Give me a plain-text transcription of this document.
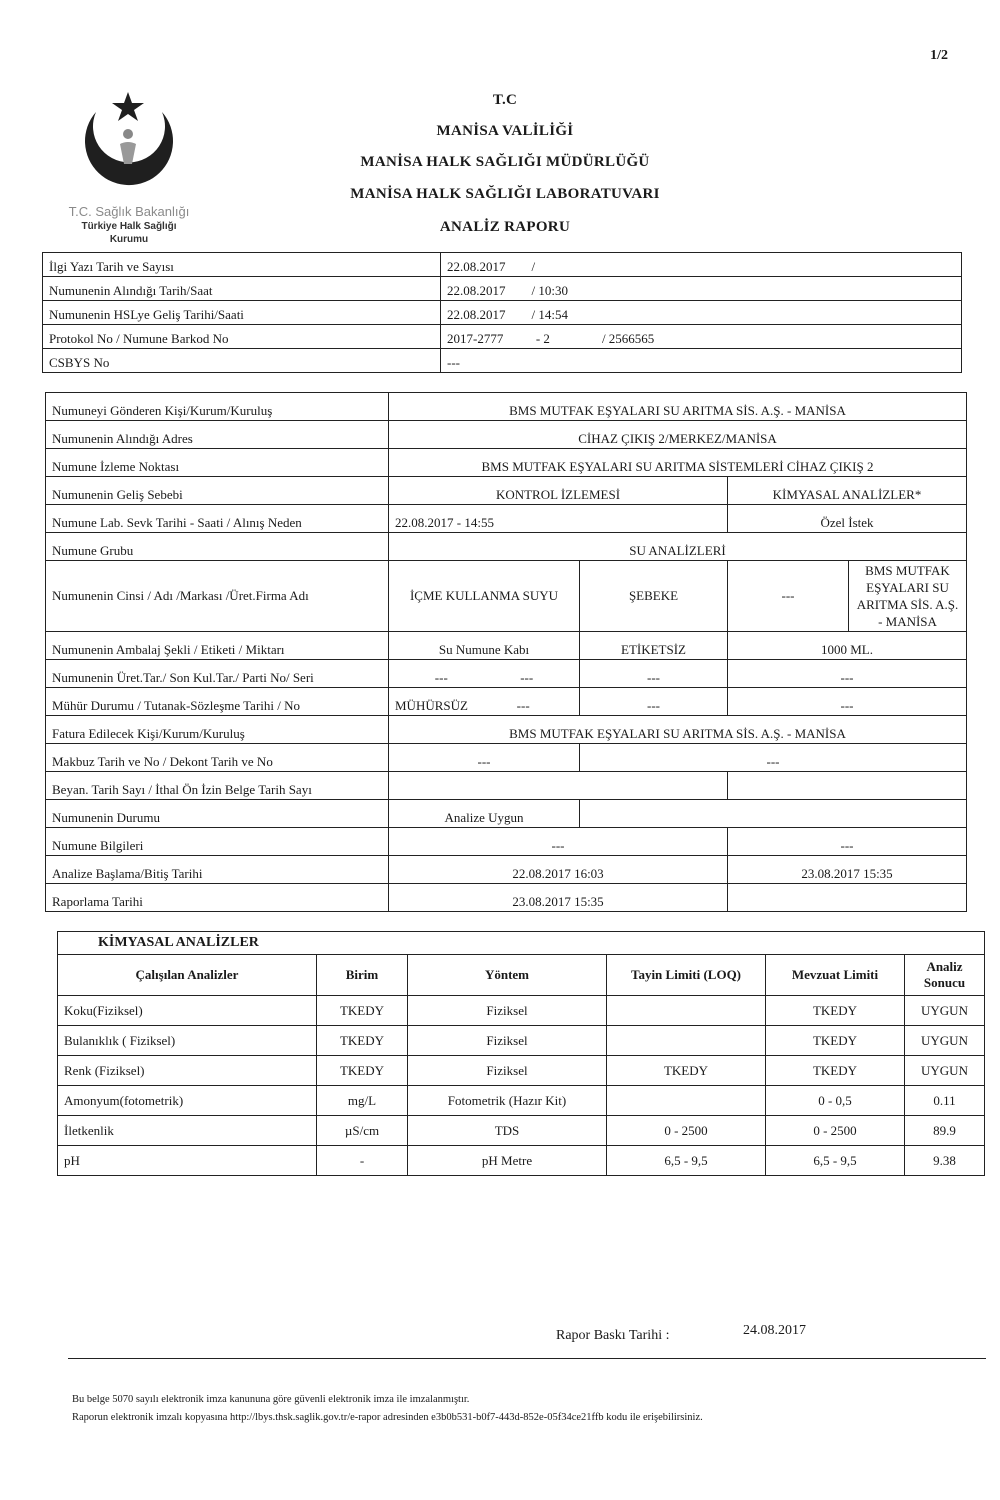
1/2
T.C. Sağlık Bakanlığı
Türkiye Halk Sağlığı
Kurumu
T.C
MANİSA VALİLİĞİ
MANİSA HALK SAĞLIĞI MÜDÜRLÜĞÜ
MANİSA HALK SAĞLIĞI LABORATUVARI
ANALİZ RAPORU
İlgi Yazı Tarih ve Sayısı	22.08.2017 /
Numunenin Alındığı Tarih/Saat	22.08.2017 / 10:30
Numunenin HSLye Geliş Tarihi/Saati	22.08.2017 / 14:54
Protokol No / Numune Barkod No	2017-2777 - 2 / 2566565
CSBYS No	---
Numuneyi Gönderen Kişi/Kurum/Kuruluş	BMS MUTFAK EŞYALARI SU ARITMA SİS. A.Ş. - MANİSA			
Numunenin Alındığı Adres	CİHAZ ÇIKIŞ 2/MERKEZ/MANİSA			
Numune İzleme Noktası	BMS MUTFAK EŞYALARI SU ARITMA SİSTEMLERİ CİHAZ ÇIKIŞ 2			
Numunenin Geliş Sebebi	KONTROL İZLEMESİ		KİMYASAL ANALİZLER*	
Numune Lab. Sevk Tarihi - Saati / Alınış Neden	22.08.2017 - 14:55		Özel İstek	
Numune Grubu	SU ANALİZLERİ			
Numunenin Cinsi / Adı /Markası /Üret.Firma Adı	İÇME KULLANMA SUYU	ŞEBEKE	---	BMS MUTFAK EŞYALARI SU ARITMA SİS. A.Ş. - MANİSA
Numunenin Ambalaj Şekli / Etiketi / Miktarı	Su Numune Kabı	ETİKETSİZ	1000 ML.	
Numunenin Üret.Tar./ Son Kul.Tar./ Parti No/ Seri	--- ---	---	---	
Mühür Durumu / Tutanak-Sözleşme Tarihi / No	MÜHÜRSÜZ ---	---	---	
Fatura Edilecek Kişi/Kurum/Kuruluş	BMS MUTFAK EŞYALARI SU ARITMA SİS. A.Ş. - MANİSA			
Makbuz Tarih ve No / Dekont Tarih ve No	---	---		
Beyan. Tarih Sayı / İthal Ön İzin Belge Tarih Sayı				
Numunenin Durumu	Analize Uygun			
Numune Bilgileri	---		---	
Analize Başlama/Bitiş Tarihi	22.08.2017 16:03		23.08.2017 15:35	
Raporlama Tarihi	23.08.2017 15:35			
KİMYASAL ANALİZLER					
Çalışılan Analizler	Birim	Yöntem	Tayin Limiti (LOQ)	Mevzuat Limiti	Analiz Sonucu
Koku(Fiziksel)	TKEDY	Fiziksel		TKEDY	UYGUN
Bulanıklık ( Fiziksel)	TKEDY	Fiziksel		TKEDY	UYGUN
Renk (Fiziksel)	TKEDY	Fiziksel	TKEDY	TKEDY	UYGUN
Amonyum(fotometrik)	mg/L	Fotometrik (Hazır Kit)		0 - 0,5	0.11
İletkenlik	µS/cm	TDS	0 - 2500	0 - 2500	89.9
pH	-	pH Metre	6,5 - 9,5	6,5 - 9,5	9.38
Rapor Baskı Tarihi :	24.08.2017
Bu belge 5070 sayılı elektronik imza kanununa göre güvenli elektronik imza ile imzalanmıştır.
Raporun elektronik imzalı kopyasına http://lbys.thsk.saglik.gov.tr/e-rapor adresinden e3b0b531-b0f7-443d-852e-05f34ce21ffb kodu ile erişebilirsiniz.
